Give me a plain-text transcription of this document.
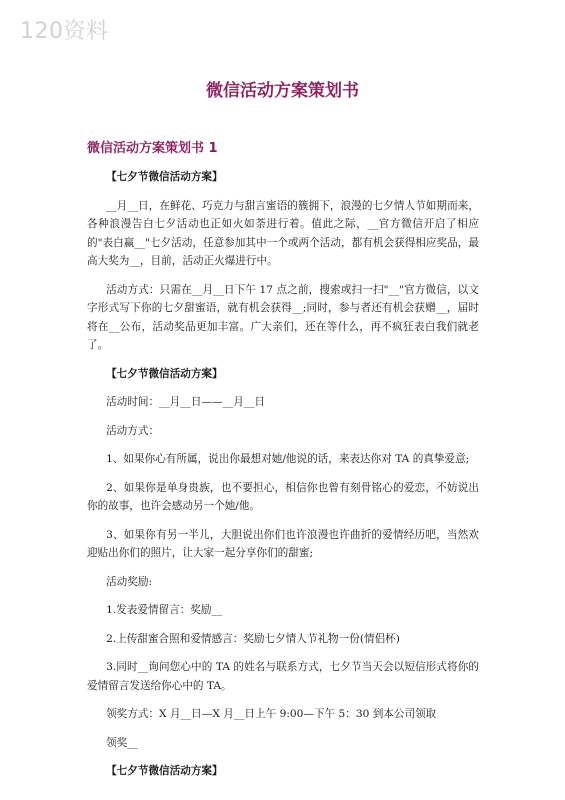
120资料
微信活动方案策划书
微信活动方案策划书 1

【七夕节微信活动方案】

__月__日，在鲜花、巧克力与甜言蜜语的簇拥下，浪漫的七夕情人节如期而来，各种浪漫告白七夕活动也正如火如荼进行着。值此之际，__官方微信开启了相应的"表白赢__"七夕活动，任意参加其中一个或两个活动，都有机会获得相应奖品，最高大奖为__，目前，活动正火爆进行中。

活动方式：只需在__月__日下午 17 点之前，搜索或扫一扫"__"官方微信，以文字形式写下你的七夕甜蜜语，就有机会获得__;同时，参与者还有机会获赠__，届时将在__公布，活动奖品更加丰富。广大亲们，还在等什么，再不疯狂表白我们就老了。

【七夕节微信活动方案】

活动时间：__月__日——__月__日

活动方式：

1、如果你心有所属，说出你最想对她/他说的话，来表达你对 TA 的真挚爱意;

2、如果你是单身贵族，也不要担心，相信你也曾有刻骨铭心的爱恋，不妨说出你的故事，也许会感动另一个她/他。

3、如果你有另一半儿，大胆说出你们也许浪漫也许曲折的爱情经历吧，当然欢迎贴出你们的照片，让大家一起分享你们的甜蜜;

活动奖励:

1.发表爱情留言：奖励__

2.上传甜蜜合照和爱情感言：奖励七夕情人节礼物一份(情侣杯)

3.同时__询问您心中的 TA 的姓名与联系方式，七夕节当天会以短信形式将你的爱情留言发送给你心中的 TA。

领奖方式：X 月__日—X 月__日上午 9:00—下午 5：30 到本公司领取

领奖__

【七夕节微信活动方案】
